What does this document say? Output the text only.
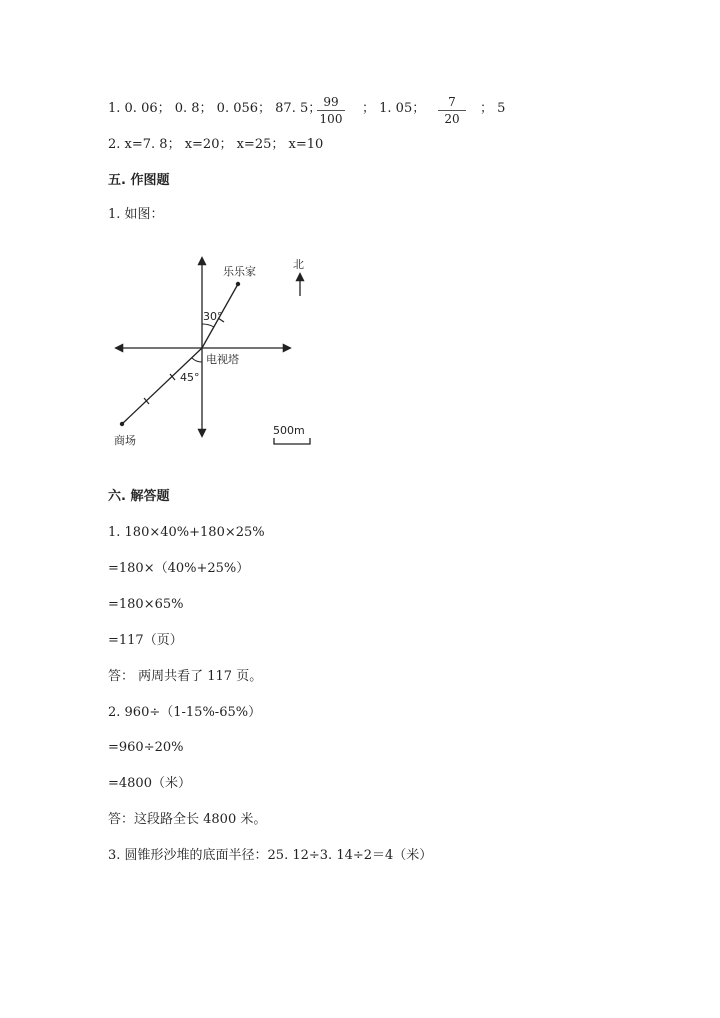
1. 0. 06； 0. 8； 0. 056； 87. 5； 99
100
； 1. 05；	7
20
； 5
2. x=7. 8； x=20； x=25； x=10
五. 作图题
1. 如图：
乐乐家
北
30°
电视塔
45°
商场
500m
六. 解答题
1. 180×40%+180×25%
=180×（40%+25%）
=180×65%
=117（页）
答： 两周共看了 117 页。
2. 960÷（1-15%-65%）
=960÷20%
=4800（米）
答：这段路全长 4800 米。
3. 圆锥形沙堆的底面半径：25. 12÷3. 14÷2＝4（米）
